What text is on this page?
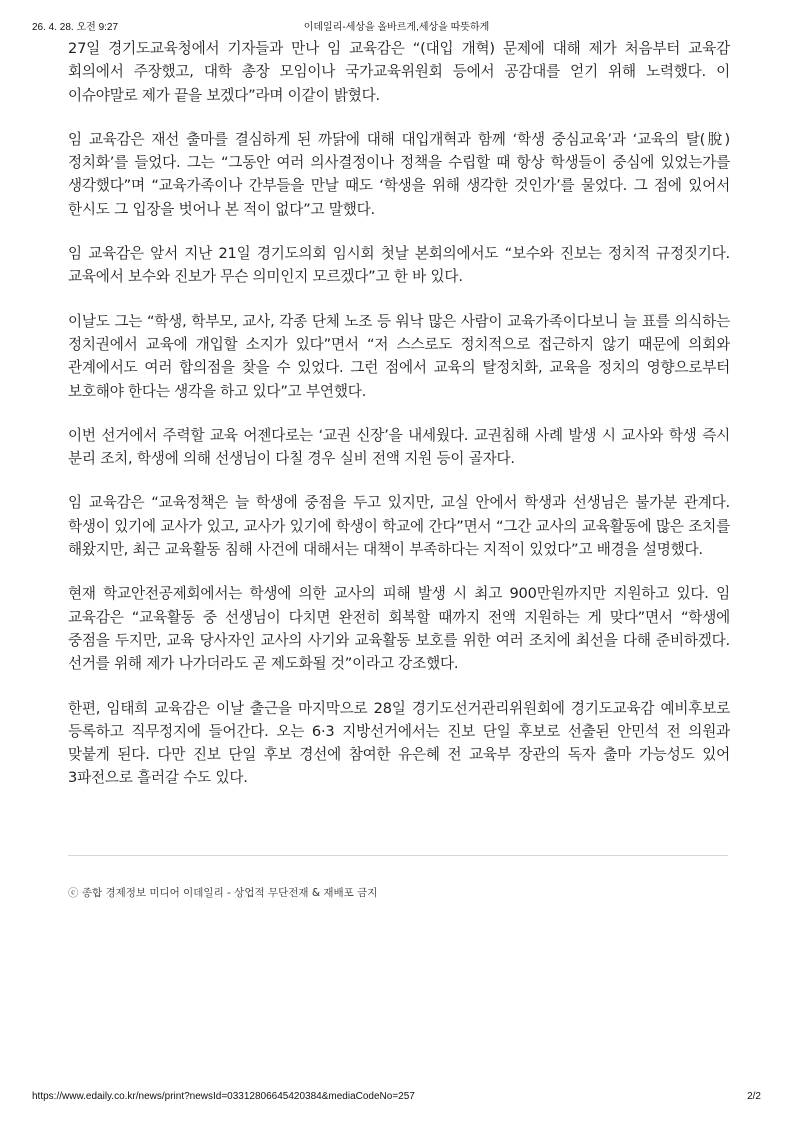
26. 4. 28. 오전 9:27	이데일리-세상을 올바르게,세상을 따뜻하게

27일 경기도교육청에서 기자들과 만나 임 교육감은 “(대입 개혁) 문제에 대해 제가 처음부터 교육감 회의에서 주장했고, 대학 총장 모임이나 국가교육위원회 등에서 공감대를 얻기 위해 노력했다. 이 이슈야말로 제가 끝을 보겠다”라며 이같이 밝혔다.

임 교육감은 재선 출마를 결심하게 된 까닭에 대해 대입개혁과 함께 ‘학생 중심교육’과 ‘교육의 탈(脫)정치화’를 들었다. 그는 “그동안 여러 의사결정이나 정책을 수립할 때 항상 학생들이 중심에 있었는가를 생각했다”며 “교육가족이나 간부들을 만날 때도 ‘학생을 위해 생각한 것인가’를 물었다. 그 점에 있어서 한시도 그 입장을 벗어나 본 적이 없다”고 말했다.

임 교육감은 앞서 지난 21일 경기도의회 임시회 첫날 본회의에서도 “보수와 진보는 정치적 규정짓기다. 교육에서 보수와 진보가 무슨 의미인지 모르겠다”고 한 바 있다.

이날도 그는 “학생, 학부모, 교사, 각종 단체 노조 등 워낙 많은 사람이 교육가족이다보니 늘 표를 의식하는 정치권에서 교육에 개입할 소지가 있다”면서 “저 스스로도 정치적으로 접근하지 않기 때문에 의회와 관계에서도 여러 합의점을 찾을 수 있었다. 그런 점에서 교육의 탈정치화, 교육을 정치의 영향으로부터 보호해야 한다는 생각을 하고 있다”고 부연했다.

이번 선거에서 주력할 교육 어젠다로는 ‘교권 신장’을 내세웠다. 교권침해 사례 발생 시 교사와 학생 즉시 분리 조치, 학생에 의해 선생님이 다칠 경우 실비 전액 지원 등이 골자다.

임 교육감은 “교육정책은 늘 학생에 중점을 두고 있지만, 교실 안에서 학생과 선생님은 불가분 관계다. 학생이 있기에 교사가 있고, 교사가 있기에 학생이 학교에 간다”면서 “그간 교사의 교육활동에 많은 조치를 해왔지만, 최근 교육활동 침해 사건에 대해서는 대책이 부족하다는 지적이 있었다”고 배경을 설명했다.

현재 학교안전공제회에서는 학생에 의한 교사의 피해 발생 시 최고 900만원까지만 지원하고 있다. 임 교육감은 “교육활동 중 선생님이 다치면 완전히 회복할 때까지 전액 지원하는 게 맞다”면서 “학생에 중점을 두지만, 교육 당사자인 교사의 사기와 교육활동 보호를 위한 여러 조치에 최선을 다해 준비하겠다. 선거를 위해 제가 나가더라도 곧 제도화될 것”이라고 강조했다.

한편, 임태희 교육감은 이날 출근을 마지막으로 28일 경기도선거관리위원회에 경기도교육감 예비후보로 등록하고 직무정지에 들어간다. 오는 6·3 지방선거에서는 진보 단일 후보로 선출된 안민석 전 의원과 맞붙게 된다. 다만 진보 단일 후보 경선에 참여한 유은혜 전 교육부 장관의 독자 출마 가능성도 있어 3파전으로 흘러갈 수도 있다.

ⓒ 종합 경제정보 미디어 이데일리 - 상업적 무단전재 & 재배포 금지
https://www.edaily.co.kr/news/print?newsId=03312806645420384&mediaCodeNo=257	2/2
